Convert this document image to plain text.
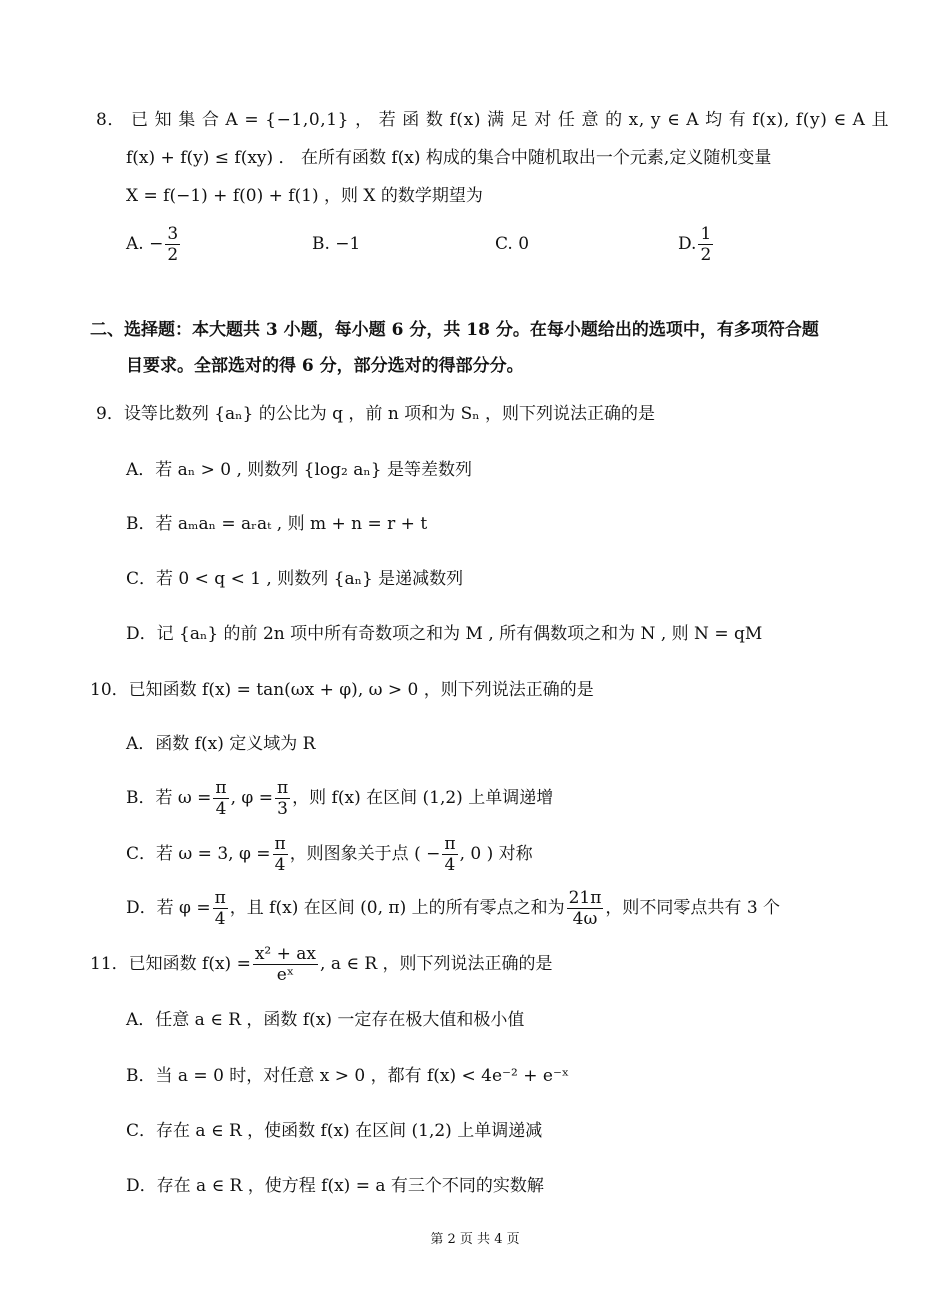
8． 已 知 集 合 A = {−1,0,1} ， 若 函 数 f(x) 满 足 对 任 意 的 x, y ∈ A 均 有 f(x), f(y) ∈ A 且
f(x) + f(y) ≤ f(xy) ． 在所有函数 f(x) 构成的集合中随机取出一个元素,定义随机变量
X = f(−1) + f(0) + f(1) ，则 X 的数学期望为
A. − $\frac{3}{2}$	B. −1	C. 0	D. $\frac{1}{2}$
二、选择题：本大题共 3 小题，每小题 6 分，共 18 分。在每小题给出的选项中，有多项符合题
目要求。全部选对的得 6 分，部分选对的得部分分。
9．设等比数列 {aₙ} 的公比为 q ，前 n 项和为 Sₙ ，则下列说法正确的是
A．若 aₙ > 0 , 则数列 {log₂ aₙ} 是等差数列
B．若 aₘaₙ = aᵣaₜ , 则 m + n = r + t
C．若 0 < q < 1 , 则数列 {aₙ} 是递减数列
D．记 {aₙ} 的前 2n 项中所有奇数项之和为 M , 所有偶数项之和为 N , 则 N = qM
10．已知函数 f(x) = tan(ωx + φ), ω > 0 ，则下列说法正确的是
A．函数 f(x) 定义域为 R
B．若 $\omega = \frac{\pi}{4}$ , $\varphi = \frac{\pi}{3}$ ，则 f(x) 在区间 (1,2) 上单调递增
C．若 ω = 3, $\varphi = \frac{\pi}{4}$ ，则图象关于点 ( − $\frac{\pi}{4}$ , 0 ) 对称
D．若 $\varphi = \frac{\pi}{4}$ ，且 f(x) 在区间 (0, π) 上的所有零点之和为 $\frac{21\pi}{4\omega}$ ，则不同零点共有 3 个
11．已知函数 $f(x) = \frac{\text{x² + ax}}{\text{eˣ}}$ , a ∈ R ，则下列说法正确的是
A．任意 a ∈ R ，函数 f(x) 一定存在极大值和极小值
B．当 a = 0 时，对任意 x > 0 ，都有 f(x) < 4e⁻² + e⁻ˣ
C．存在 a ∈ R ，使函数 f(x) 在区间 (1,2) 上单调递减
D．存在 a ∈ R ，使方程 f(x) = a 有三个不同的实数解
第 2 页 共 4 页
